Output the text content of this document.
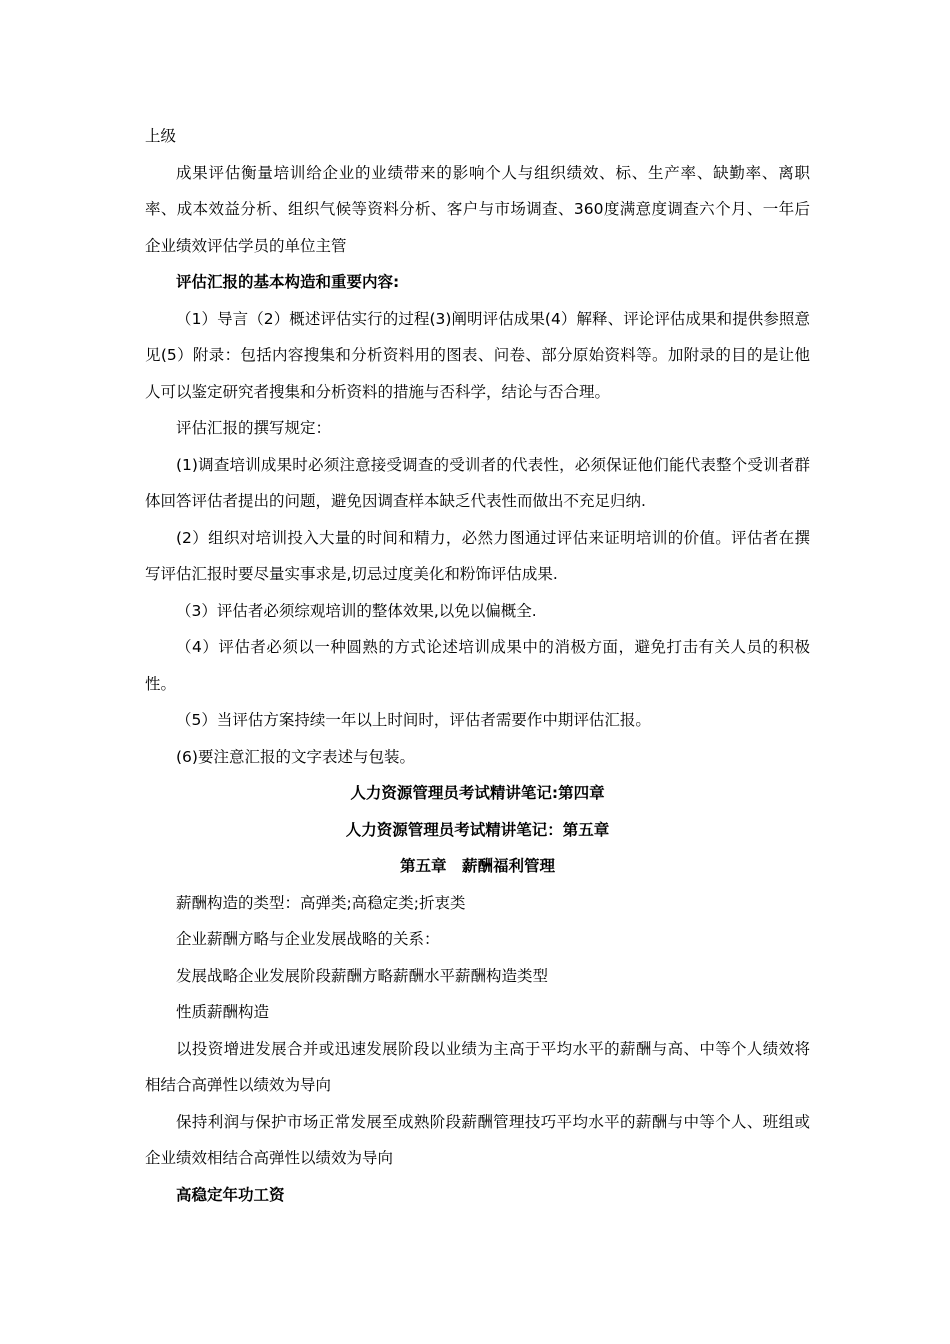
上级

成果评估衡量培训给企业的业绩带来的影响个人与组织绩效、标、生产率、缺勤率、离职率、成本效益分析、组织气候等资料分析、客户与市场调查、360度满意度调查六个月、一年后企业绩效评估学员的单位主管

评估汇报的基本构造和重要内容:

（1）导言（2）概述评估实行的过程(3)阐明评估成果(4）解释、评论评估成果和提供参照意见(5）附录：包括内容搜集和分析资料用的图表、问卷、部分原始资料等。加附录的目的是让他人可以鉴定研究者搜集和分析资料的措施与否科学，结论与否合理。

评估汇报的撰写规定：

(1)调查培训成果时必须注意接受调查的受训者的代表性，必须保证他们能代表整个受训者群体回答评估者提出的问题，避免因调查样本缺乏代表性而做出不充足归纳.

(2）组织对培训投入大量的时间和精力，必然力图通过评估来证明培训的价值。评估者在撰写评估汇报时要尽量实事求是,切忌过度美化和粉饰评估成果.

（3）评估者必须综观培训的整体效果,以免以偏概全.

（4）评估者必须以一种圆熟的方式论述培训成果中的消极方面，避免打击有关人员的积极性。

（5）当评估方案持续一年以上时间时，评估者需要作中期评估汇报。

(6)要注意汇报的文字表述与包装。

人力资源管理员考试精讲笔记:第四章

人力资源管理员考试精讲笔记：第五章

第五章　薪酬福利管理

薪酬构造的类型：高弹类;高稳定类;折衷类

企业薪酬方略与企业发展战略的关系：

发展战略企业发展阶段薪酬方略薪酬水平薪酬构造类型

性质薪酬构造

以投资增进发展合并或迅速发展阶段以业绩为主高于平均水平的薪酬与高、中等个人绩效将相结合高弹性以绩效为导向

保持利润与保护市场正常发展至成熟阶段薪酬管理技巧平均水平的薪酬与中等个人、班组或企业绩效相结合高弹性以绩效为导向

高稳定年功工资
